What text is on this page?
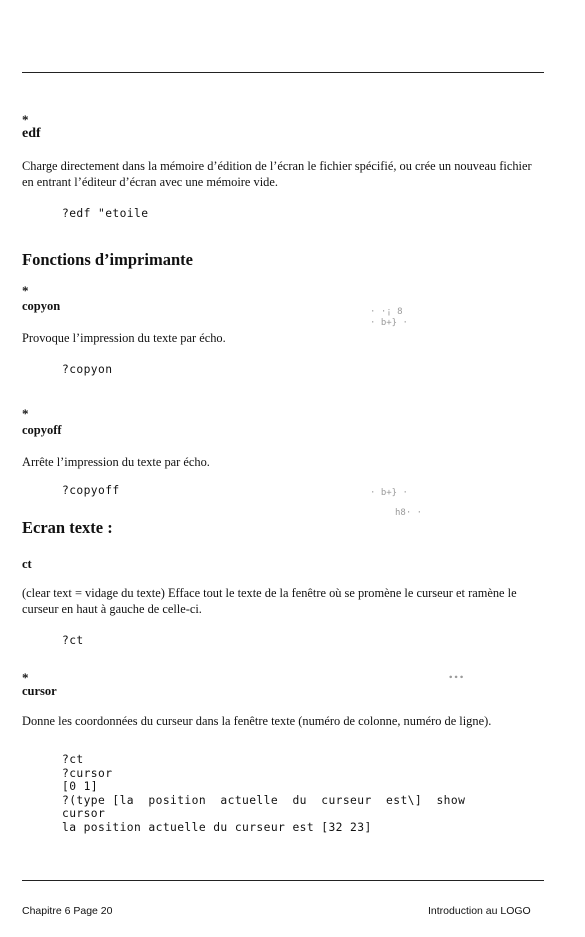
*
edf
Charge directement dans la mémoire d’édition de l’écran le fichier spécifié, ou crée un nouveau fichier en entrant l’éditeur d’écran avec une mémoire vide.
?edf "etoile
Fonctions d’imprimante
*
copyon
Provoque l’impression du texte par écho.
?copyon
*
copyoff
Arrête l’impression du texte par écho.
?copyoff
Ecran texte :
ct
(clear text = vidage du texte) Efface tout le texte de la fenêtre où se promène le curseur et ramène le curseur en haut à gauche de celle-ci.
?ct
*
cursor
Donne les coordonnées du curseur dans la fenêtre texte (numéro de colonne, numéro de ligne).
?ct
?cursor
[0 1]
?(type [la  position  actuelle  du  curseur  est\]  show
cursor
la position actuelle du curseur est [32 23]
Chapitre 6 Page 20	Introduction au LOGO
· ·¡ 8
· b+} ·
· b+} ·
h8· ·
∙∙∙
